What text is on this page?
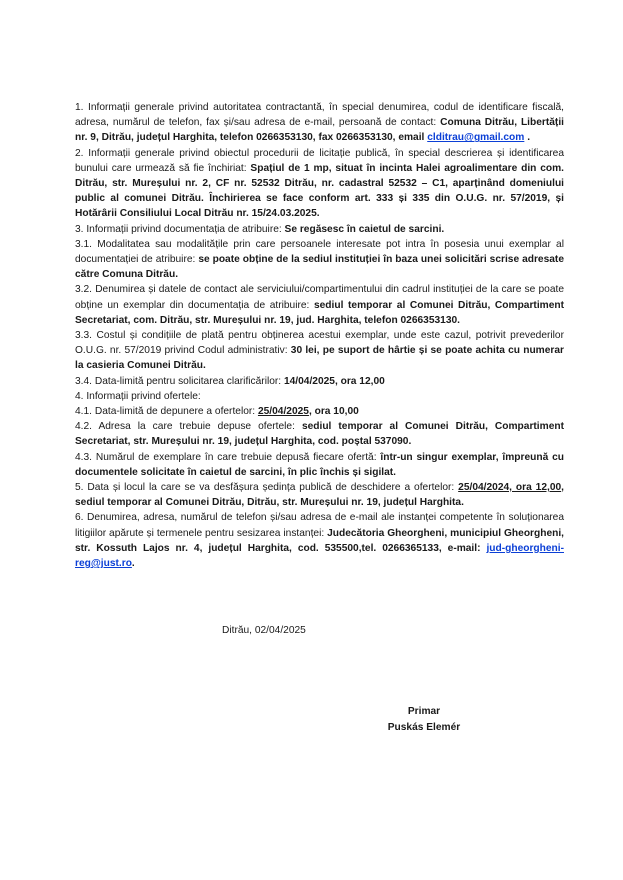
1. Informații generale privind autoritatea contractantă, în special denumirea, codul de identificare fiscală, adresa, numărul de telefon, fax și/sau adresa de e-mail, persoană de contact: Comuna Ditrău, Libertății nr. 9, Ditrău, județul Harghita, telefon 0266353130, fax 0266353130, email clditrau@gmail.com .

2. Informații generale privind obiectul procedurii de licitație publică, în special descrierea și identificarea bunului care urmează să fie închiriat: Spațiul de 1 mp, situat în incinta Halei agroalimentare din com. Ditrău, str. Mureșului nr. 2, CF nr. 52532 Ditrău, nr. cadastral 52532 – C1, aparținând domeniului public al comunei Ditrău. Închirierea se face conform art. 333 și 335 din O.U.G. nr. 57/2019, și Hotărârii Consiliului Local Ditrău nr. 15/24.03.2025.

3. Informații privind documentația de atribuire: Se regăsesc în caietul de sarcini.

3.1. Modalitatea sau modalitățile prin care persoanele interesate pot intra în posesia unui exemplar al documentației de atribuire: se poate obține de la sediul instituției în baza unei solicitări scrise adresate către Comuna Ditrău.

3.2. Denumirea și datele de contact ale serviciului/compartimentului din cadrul instituției de la care se poate obține un exemplar din documentația de atribuire: sediul temporar al Comunei Ditrău, Compartiment Secretariat, com. Ditrău, str. Mureșului nr. 19, jud. Harghita, telefon 0266353130.

3.3. Costul și condițiile de plată pentru obținerea acestui exemplar, unde este cazul, potrivit prevederilor O.U.G. nr. 57/2019 privind Codul administrativ: 30 lei, pe suport de hârtie și se poate achita cu numerar la casieria Comunei Ditrău.

3.4. Data-limită pentru solicitarea clarificărilor: 14/04/2025, ora 12,00

4. Informații privind ofertele:

4.1. Data-limită de depunere a ofertelor: 25/04/2025, ora 10,00

4.2. Adresa la care trebuie depuse ofertele: sediul temporar al Comunei Ditrău, Compartiment Secretariat, str. Mureșului nr. 19, județul Harghita, cod. poștal 537090.

4.3. Numărul de exemplare în care trebuie depusă fiecare ofertă: într-un singur exemplar, împreună cu documentele solicitate în caietul de sarcini, în plic închis și sigilat.

5. Data și locul la care se va desfășura ședința publică de deschidere a ofertelor: 25/04/2024, ora 12,00, sediul temporar al Comunei Ditrău, Ditrău, str. Mureșului nr. 19, județul Harghita.

6. Denumirea, adresa, numărul de telefon și/sau adresa de e-mail ale instanței competente în soluționarea litigiilor apărute și termenele pentru sesizarea instanței: Judecătoria Gheorgheni, municipiul Gheorgheni, str. Kossuth Lajos nr. 4, județul Harghita, cod. 535500,tel. 0266365133, e-mail: jud-gheorgheni-reg@just.ro.

Ditrău, 02/04/2025
Primar
Puskás Elemér
